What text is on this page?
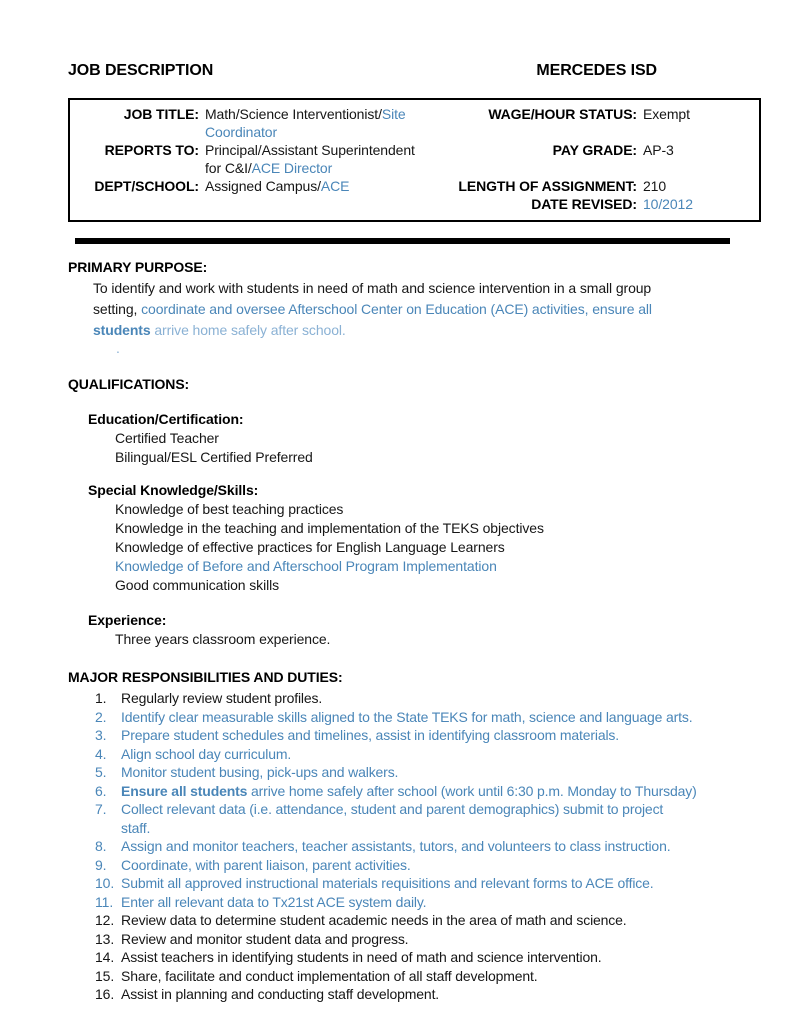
JOB DESCRIPTION	MERCEDES ISD
JOB TITLE: Math/Science Interventionist/Site
Coordinator
REPORTS TO: Principal/Assistant Superintendent
for C&I/ACE Director
DEPT/SCHOOL: Assigned Campus/ACE
WAGE/HOUR STATUS: Exempt
PAY GRADE: AP-3
LENGTH OF ASSIGNMENT: 210
DATE REVISED: 10/2012
PRIMARY PURPOSE:
To identify and work with students in need of math and science intervention in a small group
setting, coordinate and oversee Afterschool Center on Education (ACE) activities, ensure all
students arrive home safely after school.
.
QUALIFICATIONS:
Education/Certification:
Certified Teacher
Bilingual/ESL Certified Preferred
Special Knowledge/Skills:
Knowledge of best teaching practices
Knowledge in the teaching and implementation of the TEKS objectives
Knowledge of effective practices for English Language Learners
Knowledge of Before and Afterschool Program Implementation
Good communication skills
Experience:
Three years classroom experience.
MAJOR RESPONSIBILITIES AND DUTIES:
1.	Regularly review student profiles.
2.	Identify clear measurable skills aligned to the State TEKS for math, science and language arts.
3.	Prepare student schedules and timelines, assist in identifying classroom materials.
4.	Align school day curriculum.
5.	Monitor student busing, pick-ups and walkers.
6.	Ensure all students arrive home safely after school (work until 6:30 p.m. Monday to Thursday)
7.	Collect relevant data (i.e. attendance, student and parent demographics) submit to project
staff.
8.	Assign and monitor teachers, teacher assistants, tutors, and volunteers to class instruction.
9.	Coordinate, with parent liaison, parent activities.
10. Submit all approved instructional materials requisitions and relevant forms to ACE office.
11. Enter all relevant data to Tx21st ACE system daily.
12. Review data to determine student academic needs in the area of math and science.
13. Review and monitor student data and progress.
14. Assist teachers in identifying students in need of math and science intervention.
15. Share, facilitate and conduct implementation of all staff development.
16. Assist in planning and conducting staff development.
